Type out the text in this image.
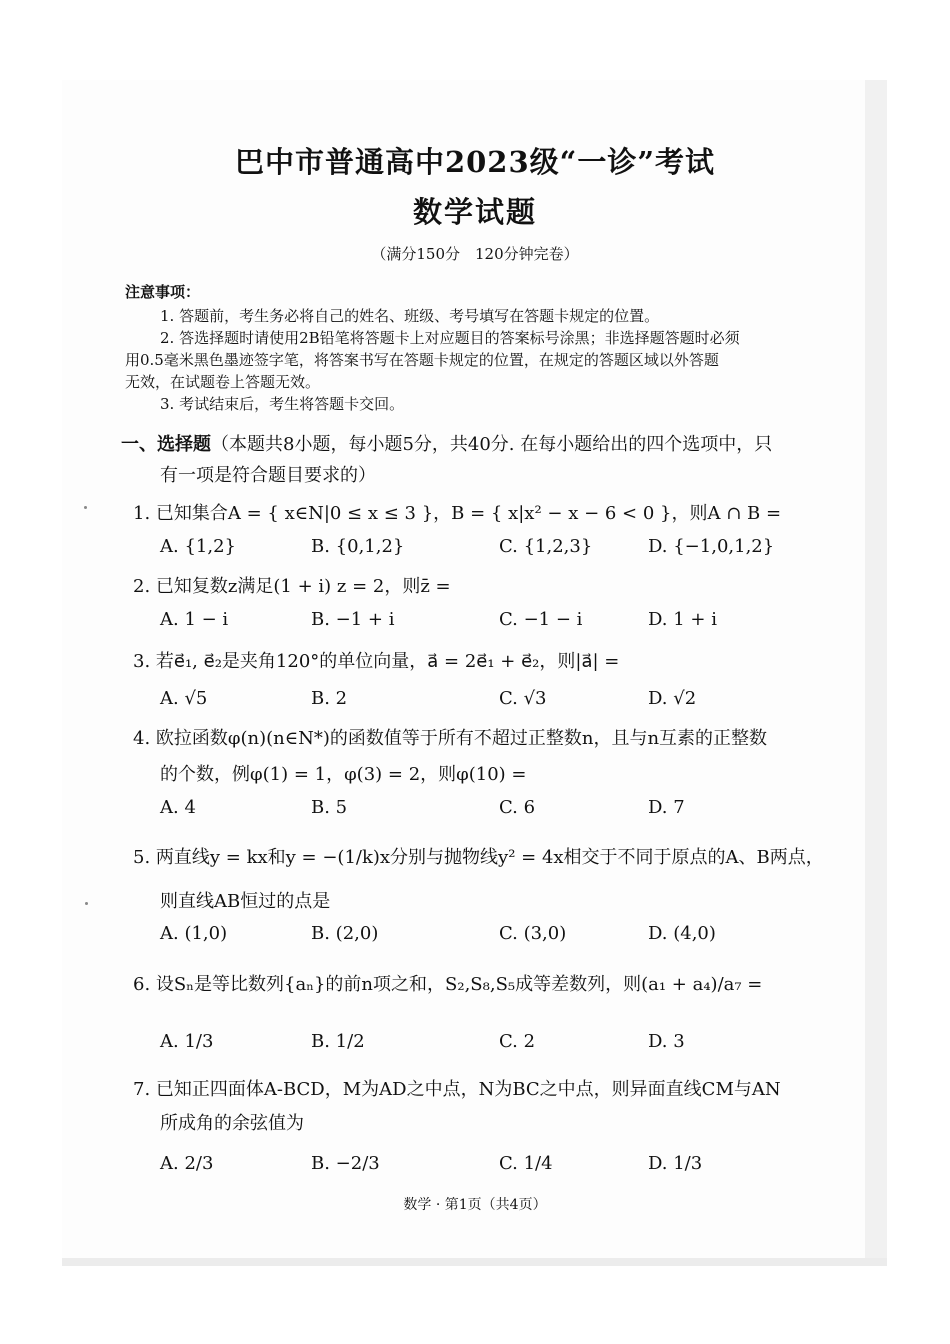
巴中市普通高中2023级“一诊”考试
数学试题
（满分150分　120分钟完卷）
注意事项：
1. 答题前，考生务必将自己的姓名、班级、考号填写在答题卡规定的位置。
2. 答选择题时请使用2B铅笔将答题卡上对应题目的答案标号涂黑；非选择题答题时必须
用0.5毫米黑色墨迹签字笔，将答案书写在答题卡规定的位置，在规定的答题区域以外答题
无效，在试题卷上答题无效。
3. 考试结束后，考生将答题卡交回。
一、选择题（本题共8小题，每小题5分，共40分. 在每小题给出的四个选项中，只
有一项是符合题目要求的）
1. 已知集合A = { x∈N|0 ≤ x ≤ 3 }，B = { x|x² − x − 6 < 0 }，则A ∩ B =
A. {1,2}	B. {0,1,2}	C. {1,2,3}	D. {−1,0,1,2}
2. 已知复数z满足(1 + i) z = 2，则z̄ =
A. 1 − i	B. −1 + i	C. −1 − i	D. 1 + i
3. 若e⃗₁, e⃗₂是夹角120°的单位向量，a⃗ = 2e⃗₁ + e⃗₂，则|a⃗| =
A. √5	B. 2	C. √3	D. √2
4. 欧拉函数φ(n)(n∈N*)的函数值等于所有不超过正整数n，且与n互素的正整数
的个数，例φ(1) = 1，φ(3) = 2，则φ(10) =
A. 4	B. 5	C. 6	D. 7
5. 两直线y = kx和y = −(1/k)x分别与抛物线y² = 4x相交于不同于原点的A、B两点，
则直线AB恒过的点是
A. (1,0)	B. (2,0)	C. (3,0)	D. (4,0)
6. 设Sₙ是等比数列{aₙ}的前n项之和，S₂,S₈,S₅成等差数列，则(a₁ + a₄)/a₇ =
A. 1/3	B. 1/2	C. 2	D. 3
7. 已知正四面体A-BCD，M为AD之中点，N为BC之中点，则异面直线CM与AN
所成角的余弦值为
A. 2/3	B. −2/3	C. 1/4	D. 1/3
数学 · 第1页（共4页）
